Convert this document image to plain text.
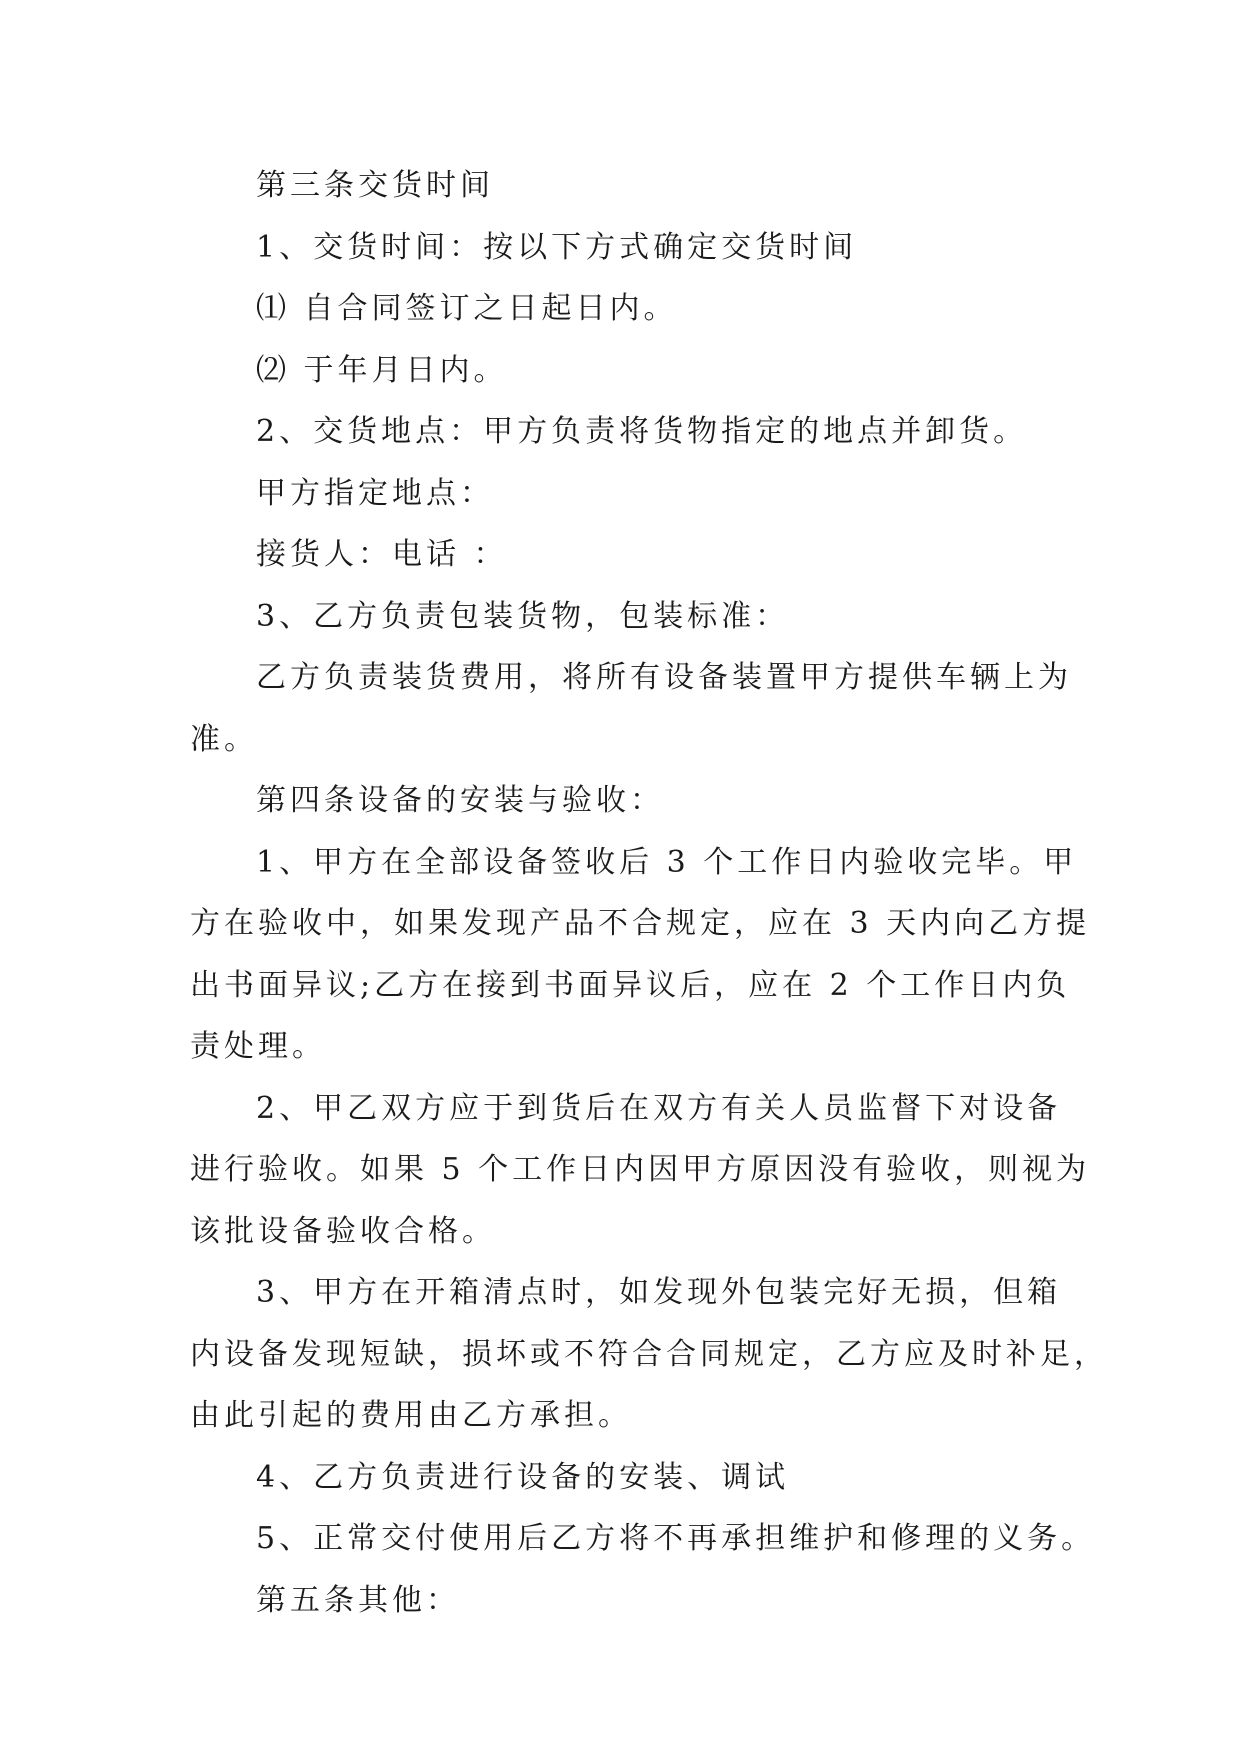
第三条交货时间
1、交货时间：按以下方式确定交货时间
⑴ 自合同签订之日起日内。
⑵ 于年月日内。
2、交货地点：甲方负责将货物指定的地点并卸货。
甲方指定地点：
接货人：电话 ：
3、乙方负责包装货物，包装标准：
乙方负责装货费用，将所有设备装置甲方提供车辆上为
准。
第四条设备的安装与验收：
1、甲方在全部设备签收后 3 个工作日内验收完毕。甲
方在验收中，如果发现产品不合规定，应在 3 天内向乙方提
出书面异议;乙方在接到书面异议后，应在 2 个工作日内负
责处理。
2、甲乙双方应于到货后在双方有关人员监督下对设备
进行验收。如果 5 个工作日内因甲方原因没有验收，则视为
该批设备验收合格。
3、甲方在开箱清点时，如发现外包装完好无损，但箱
内设备发现短缺，损坏或不符合合同规定，乙方应及时补足，
由此引起的费用由乙方承担。
4、乙方负责进行设备的安装、调试
5、正常交付使用后乙方将不再承担维护和修理的义务。
第五条其他：
